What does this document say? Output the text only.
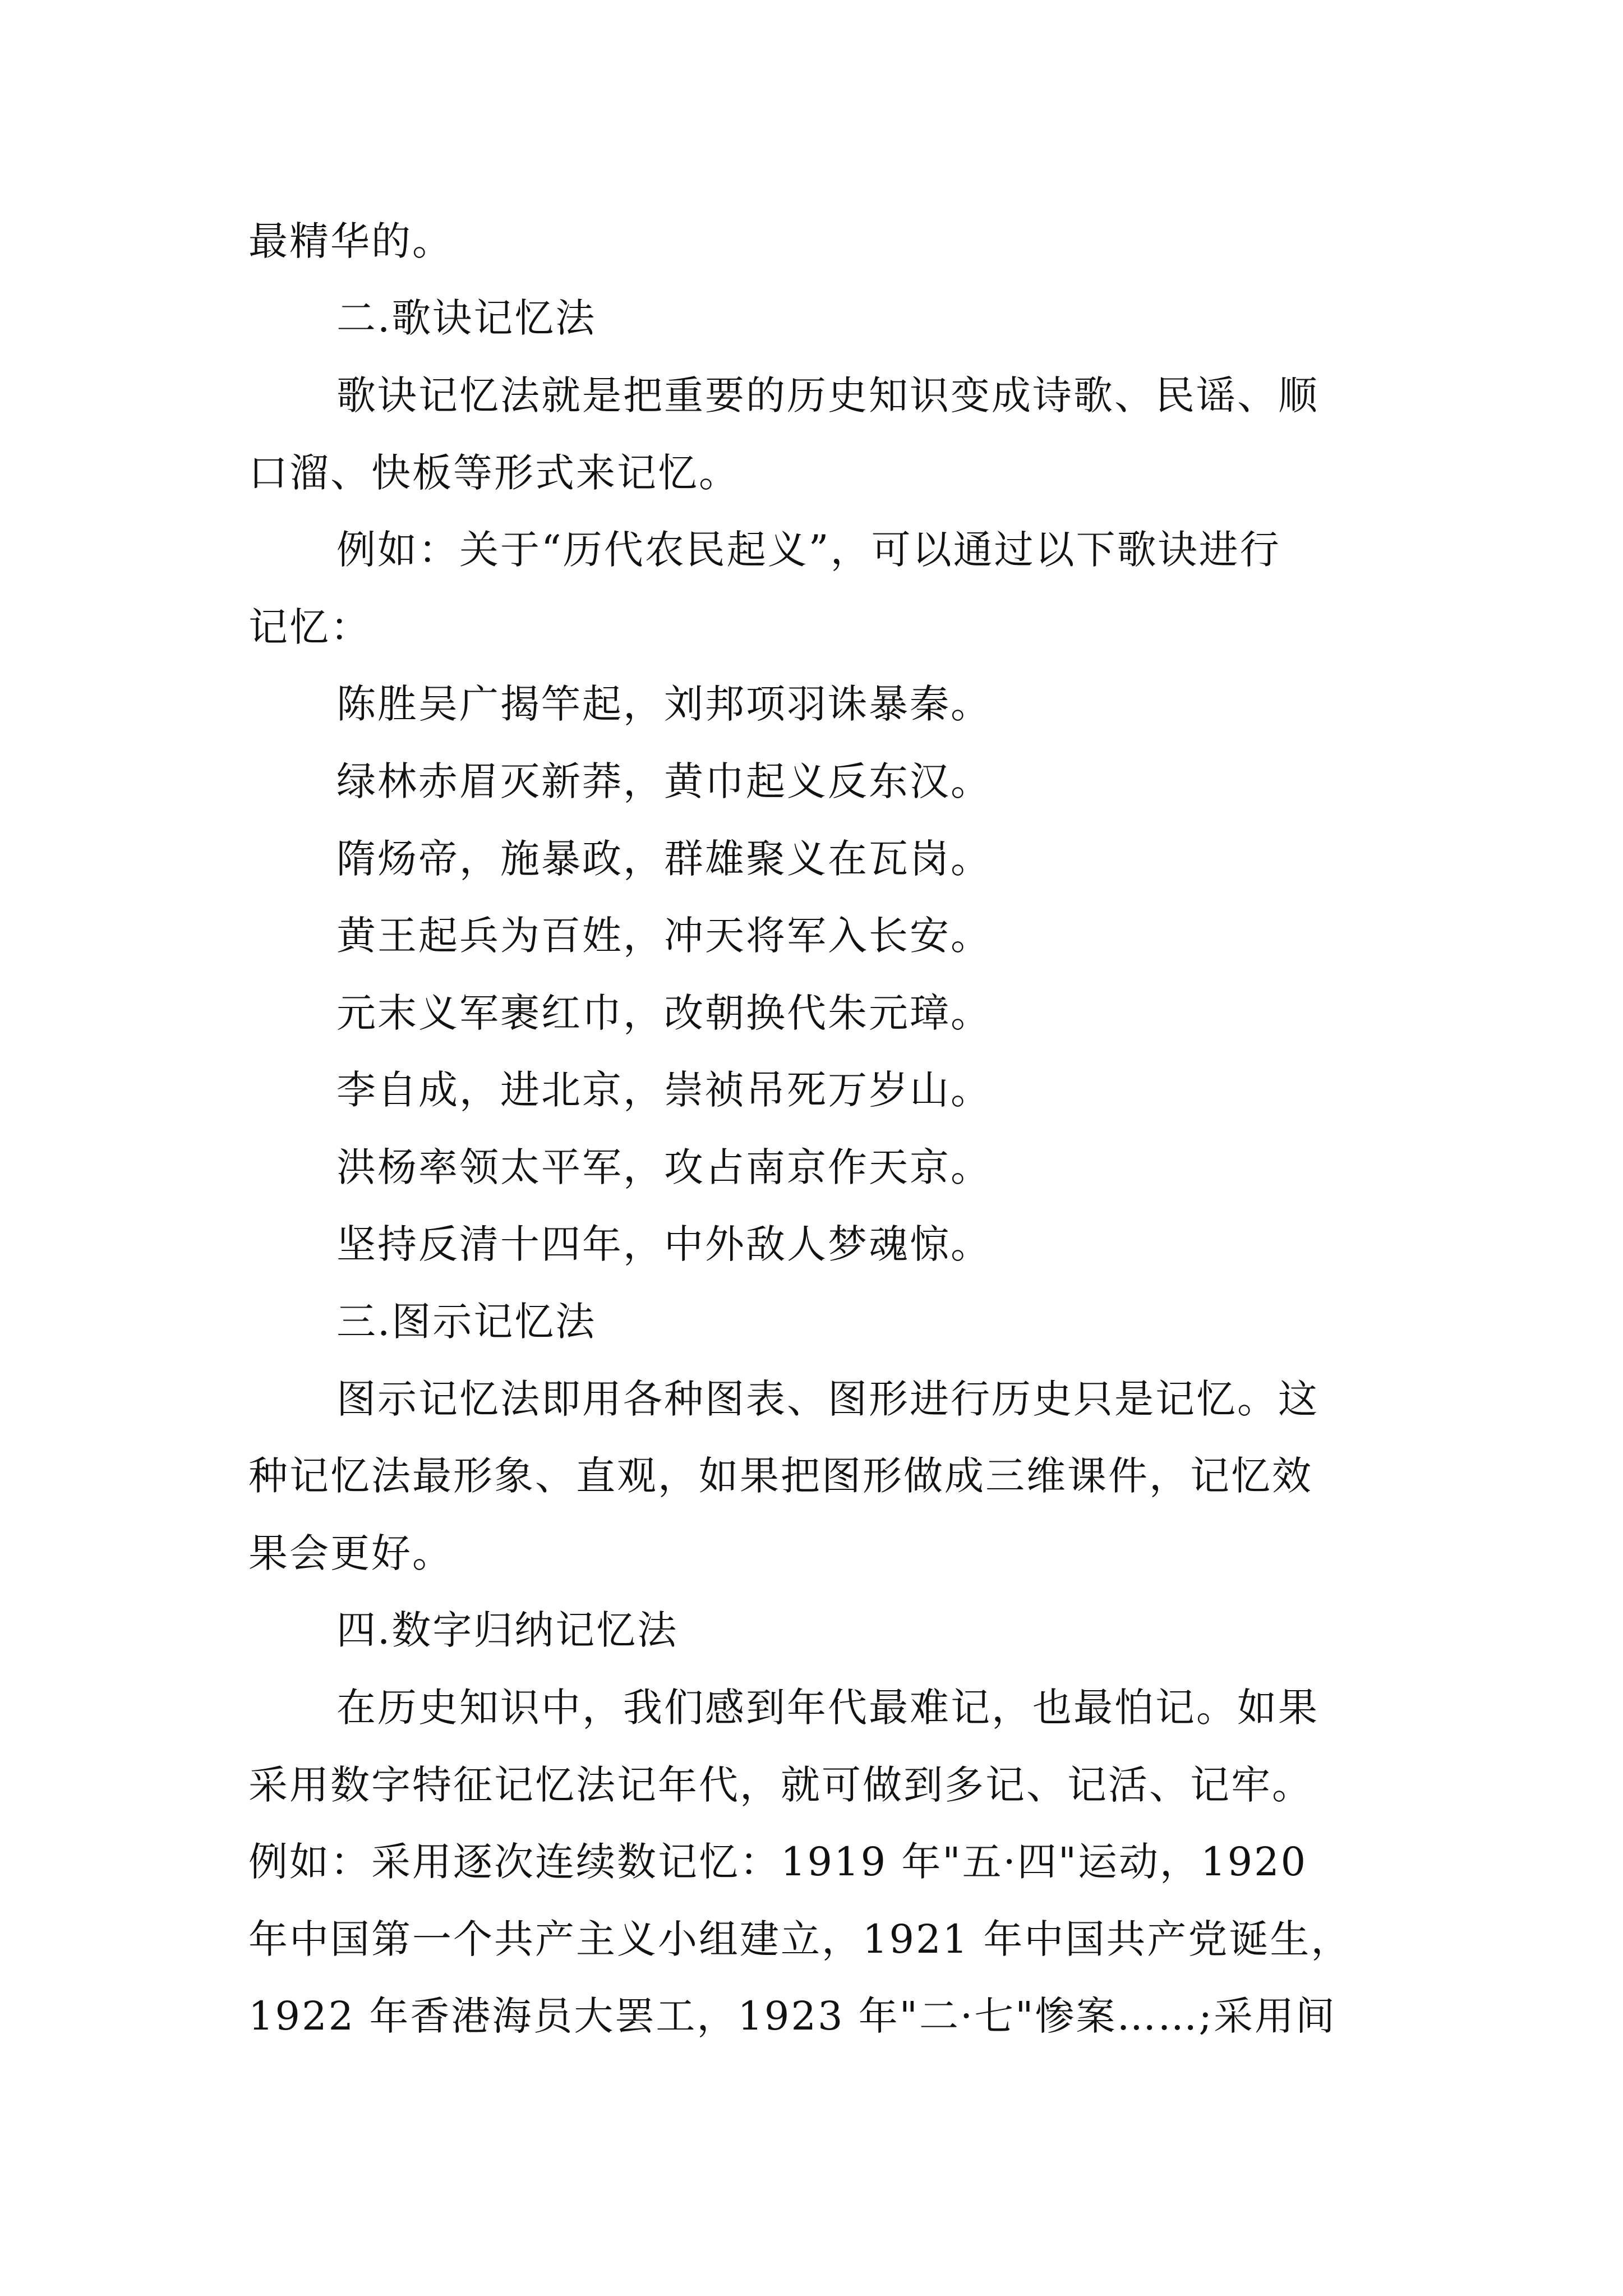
最精华的。
二.歌诀记忆法
歌诀记忆法就是把重要的历史知识变成诗歌、民谣、顺
口溜、快板等形式来记忆。
例如：关于“历代农民起义”，可以通过以下歌诀进行
记忆：
陈胜吴广揭竿起，刘邦项羽诛暴秦。
绿林赤眉灭新莽，黄巾起义反东汉。
隋炀帝，施暴政，群雄聚义在瓦岗。
黄王起兵为百姓，冲天将军入长安。
元末义军裹红巾，改朝换代朱元璋。
李自成，进北京，崇祯吊死万岁山。
洪杨率领太平军，攻占南京作天京。
坚持反清十四年，中外敌人梦魂惊。
三.图示记忆法
图示记忆法即用各种图表、图形进行历史只是记忆。这
种记忆法最形象、直观，如果把图形做成三维课件，记忆效
果会更好。
四.数字归纳记忆法
在历史知识中，我们感到年代最难记，也最怕记。如果
采用数字特征记忆法记年代，就可做到多记、记活、记牢。
例如：采用逐次连续数记忆：1919 年"五·四"运动，1920
年中国第一个共产主义小组建立，1921 年中国共产党诞生，
1922 年香港海员大罢工，1923 年"二·七"惨案……;采用间
